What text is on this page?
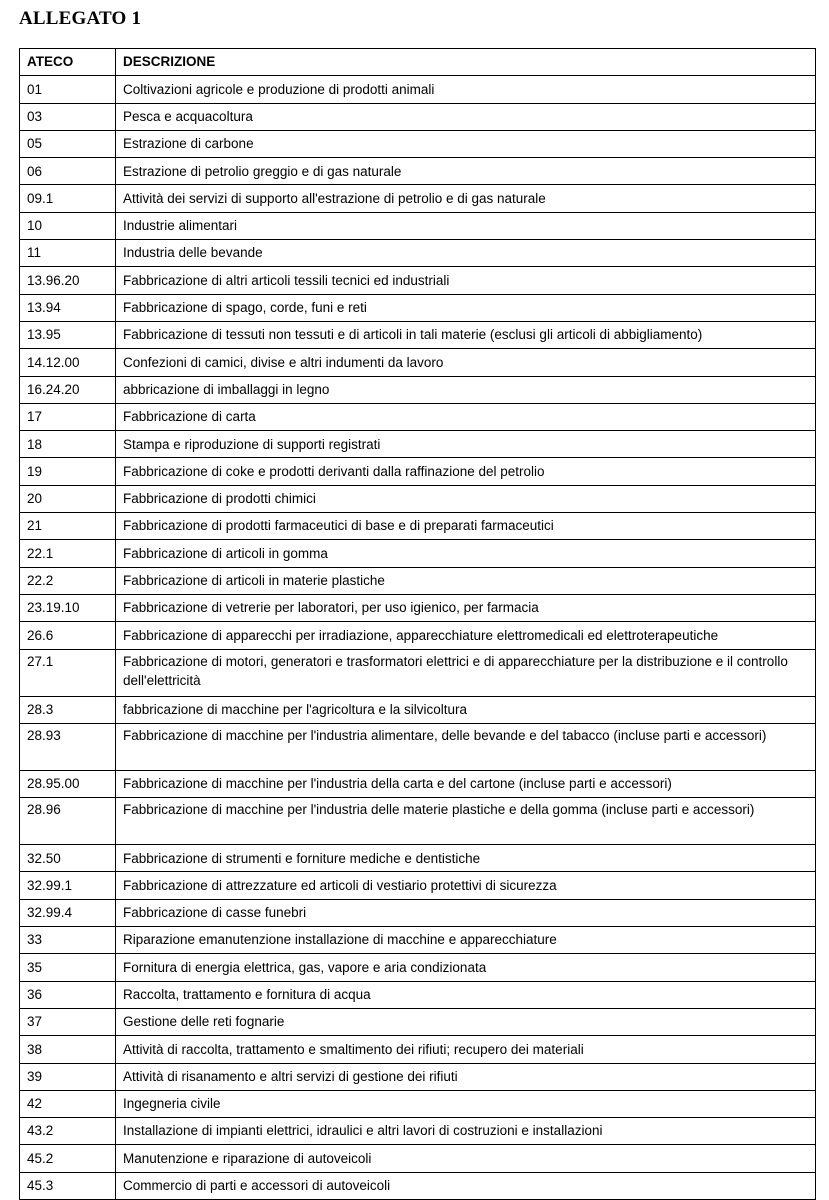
ALLEGATO 1
ATECO	DESCRIZIONE
01	Coltivazioni agricole e produzione di prodotti animali
03	Pesca e acquacoltura
05	Estrazione di carbone
06	Estrazione di petrolio greggio e di gas naturale
09.1	Attività dei servizi di supporto all'estrazione di petrolio e di gas naturale
10	Industrie alimentari
11	Industria delle bevande
13.96.20	Fabbricazione di altri articoli tessili tecnici ed industriali
13.94	Fabbricazione di spago, corde, funi e reti
13.95	Fabbricazione di tessuti non tessuti e di articoli in tali materie (esclusi gli articoli di abbigliamento)
14.12.00	Confezioni di camici, divise e altri indumenti da lavoro
16.24.20	abbricazione di imballaggi in legno
17	Fabbricazione di carta
18	Stampa e riproduzione di supporti registrati
19	Fabbricazione di coke e prodotti derivanti dalla raffinazione del petrolio
20	Fabbricazione di prodotti chimici
21	Fabbricazione di prodotti farmaceutici di base e di preparati farmaceutici
22.1	Fabbricazione di articoli in gomma
22.2	Fabbricazione di articoli in materie plastiche
23.19.10	Fabbricazione di vetrerie per laboratori, per uso igienico, per farmacia
26.6	Fabbricazione di apparecchi per irradiazione, apparecchiature elettromedicali ed elettroterapeutiche
27.1	Fabbricazione di motori, generatori e trasformatori elettrici e di apparecchiature per la distribuzione e il controllo dell'elettricità
28.3	fabbricazione di macchine per l'agricoltura e la silvicoltura
28.93	Fabbricazione di macchine per l'industria alimentare, delle bevande e del tabacco (incluse parti e accessori)
28.95.00	Fabbricazione di macchine per l'industria della carta e del cartone (incluse parti e accessori)
28.96	Fabbricazione di macchine per l'industria delle materie plastiche e della gomma (incluse parti e accessori)
32.50	Fabbricazione di strumenti e forniture mediche e dentistiche
32.99.1	Fabbricazione di attrezzature ed articoli di vestiario protettivi di sicurezza
32.99.4	Fabbricazione di casse funebri
33	Riparazione emanutenzione installazione di macchine e apparecchiature
35	Fornitura di energia elettrica, gas, vapore e aria condizionata
36	Raccolta, trattamento e fornitura di acqua
37	Gestione delle reti fognarie
38	Attività di raccolta, trattamento e smaltimento dei rifiuti; recupero dei materiali
39	Attività di risanamento e altri servizi di gestione dei rifiuti
42	Ingegneria civile
43.2	Installazione di impianti elettrici, idraulici e altri lavori di costruzioni e installazioni
45.2	Manutenzione e riparazione di autoveicoli
45.3	Commercio di parti e accessori di autoveicoli
